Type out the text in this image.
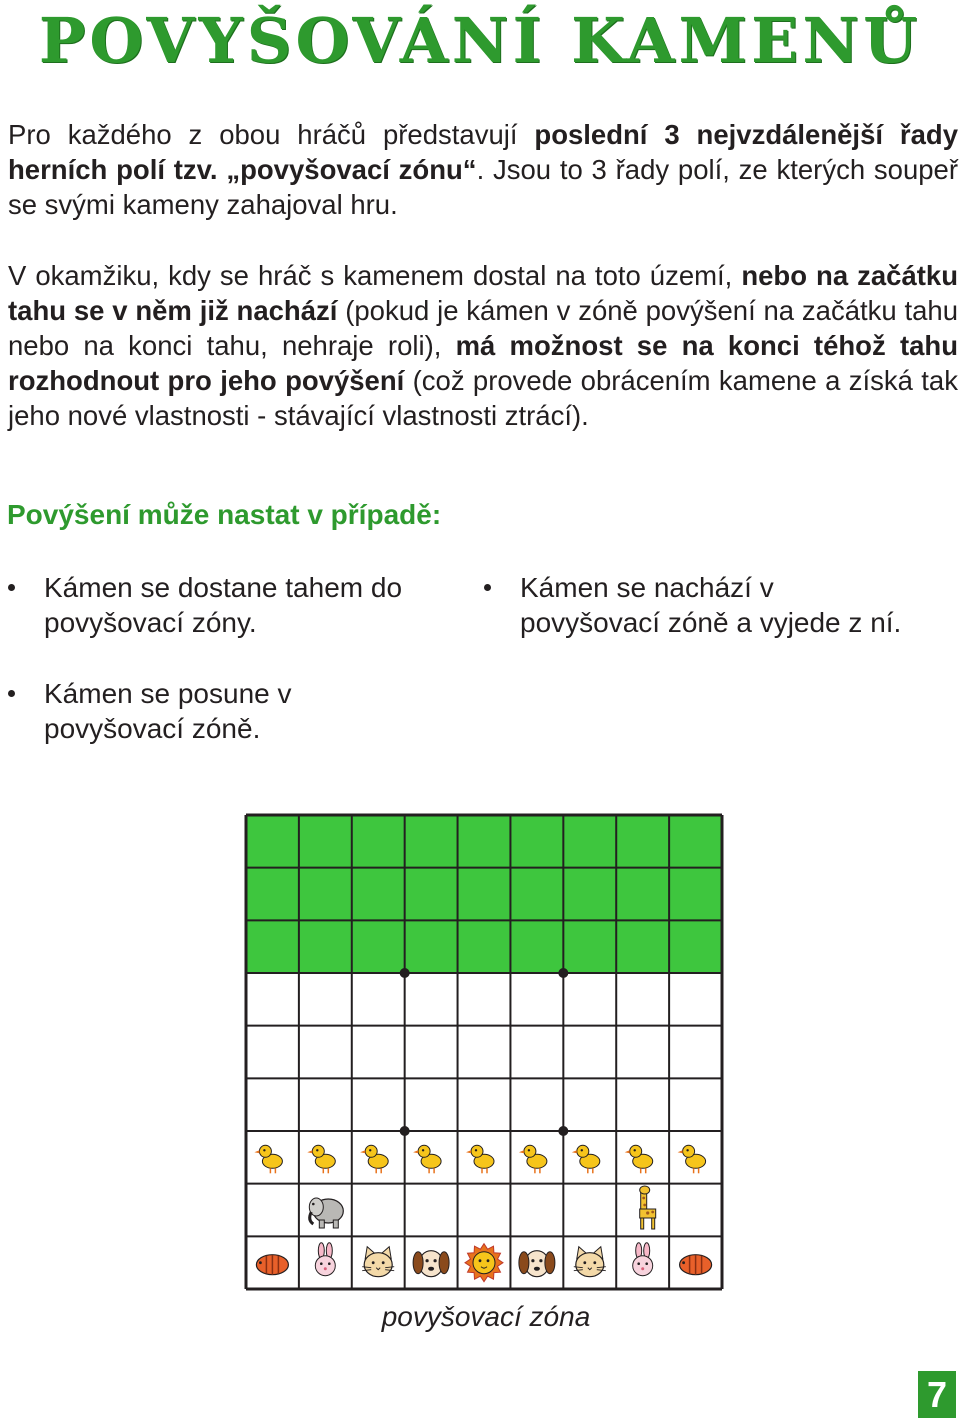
POVYŠOVÁNÍ KAMENŮ

Pro každého z obou hráčů představují poslední 3 nejvzdálenější řady herních polí tzv. „povyšovací zónu“. Jsou to 3 řady polí, ze kterých soupeř se svými kameny zahajoval hru.

V okamžiku, kdy se hráč s kamenem dostal na toto území, nebo na začátku tahu se v něm již nachází (pokud je kámen v zóně povýšení na začátku tahu nebo na konci tahu, nehraje roli), má možnost se na konci téhož tahu rozhodnout pro jeho povýšení (což provede obrácením kamene a získá tak jeho nové vlastnosti - stávající vlastnosti ztrácí).

Povýšení může nastat v případě:
Kámen se dostane tahem do
povyšovací zóny.
Kámen se nachází v
povyšovací zóně a vyjede z ní.
Kámen se posune v
povyšovací zóně.

povyšovací zóna

7
